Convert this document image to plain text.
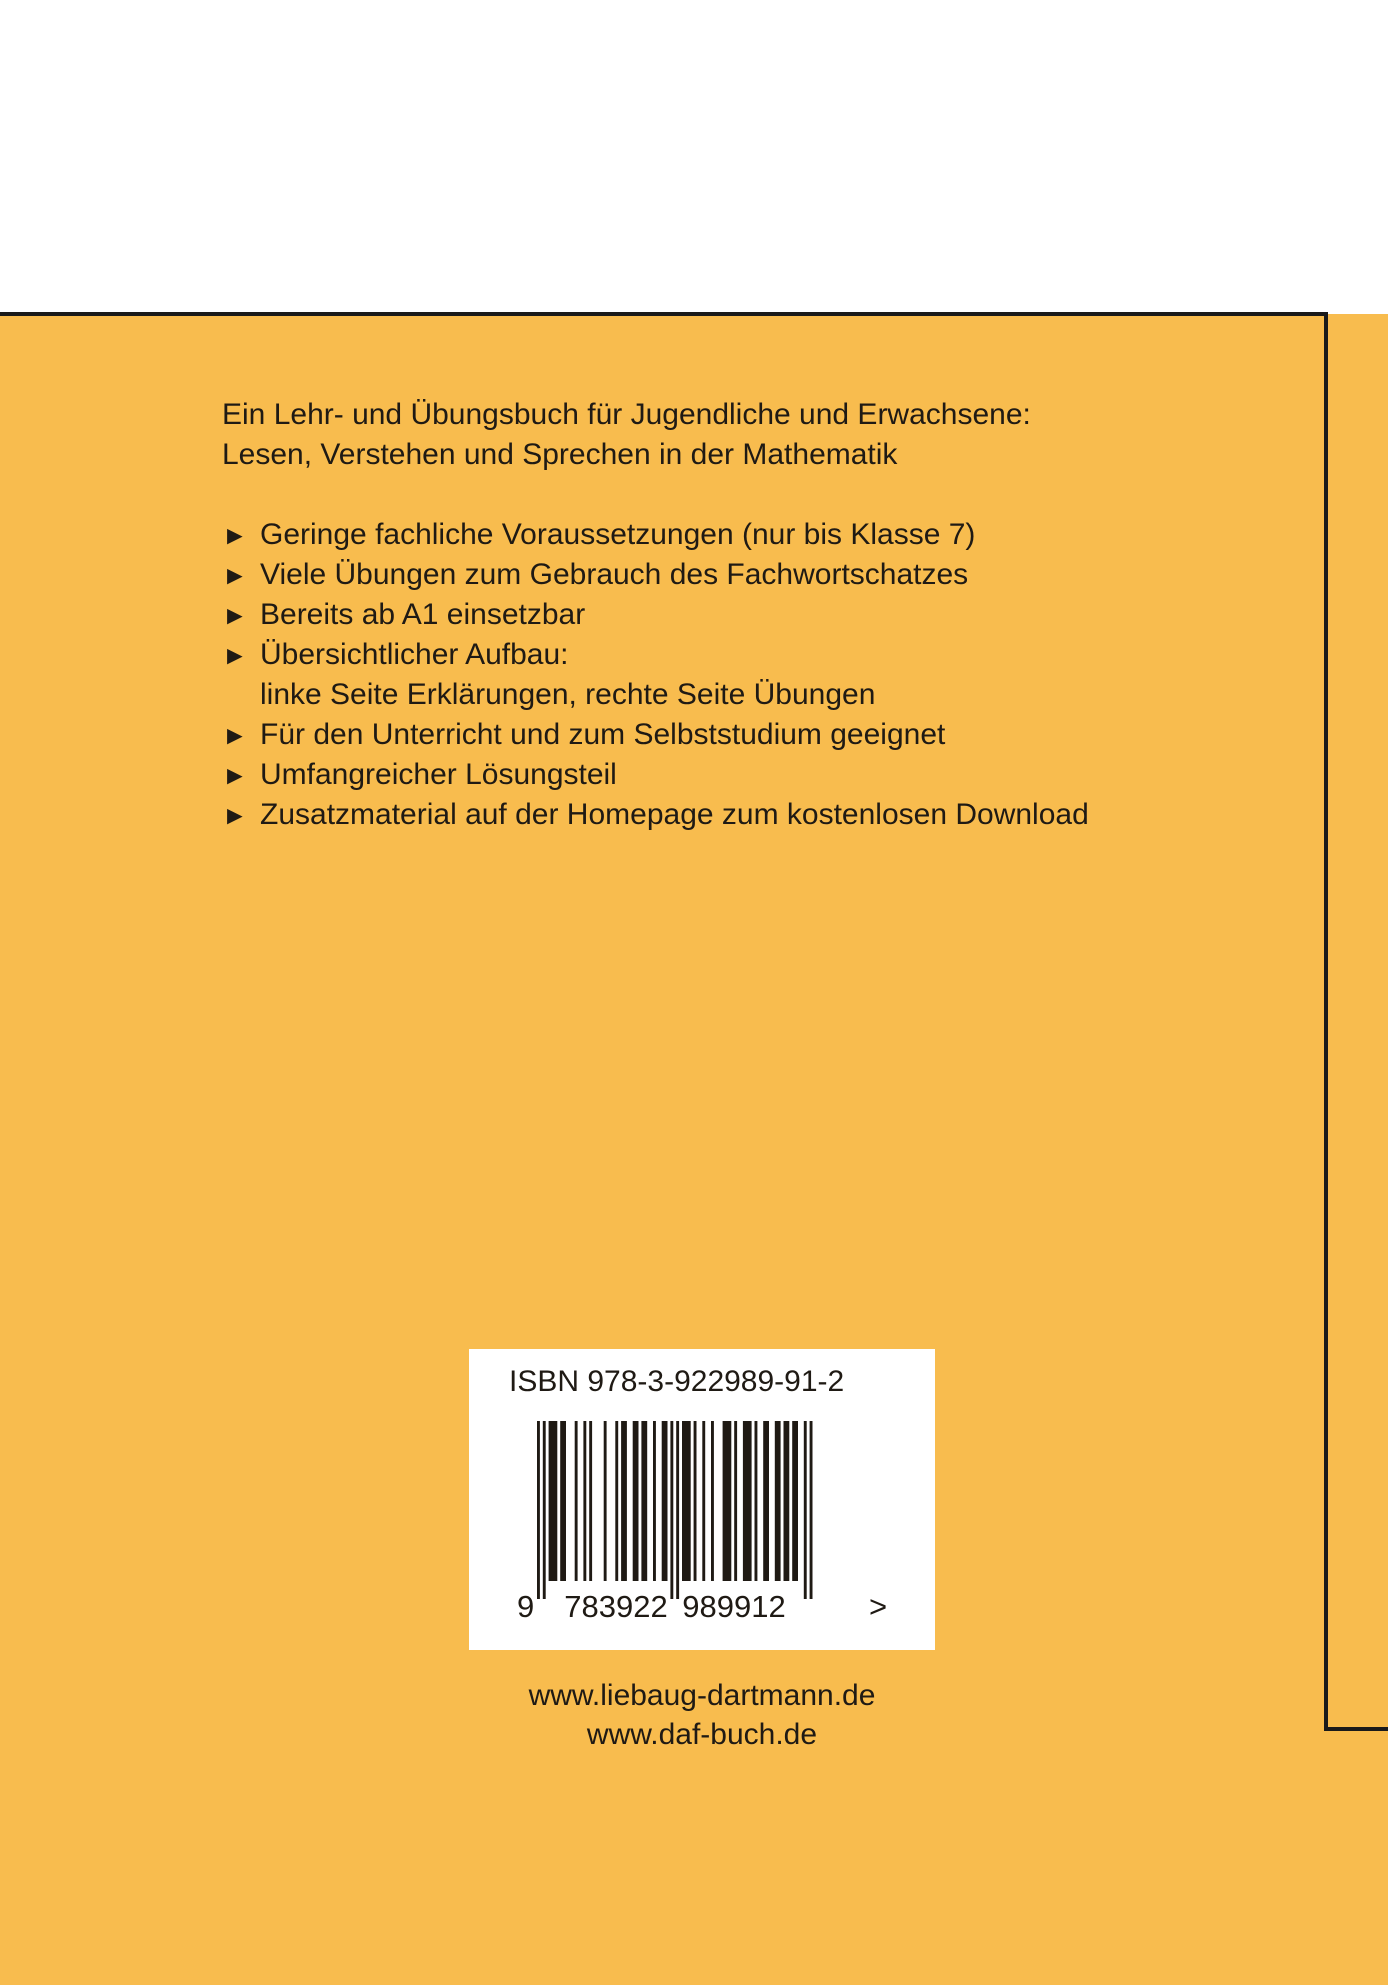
Ein Lehr- und Übungsbuch für Jugendliche und Erwachsene:

Lesen, Verstehen und Sprechen in der Mathematik

► Geringe fachliche Voraussetzungen (nur bis Klasse 7)
► Viele Übungen zum Gebrauch des Fachwortschatzes
► Bereits ab A1 einsetzbar
► Übersichtlicher Aufbau:
linke Seite Erklärungen, rechte Seite Übungen
► Für den Unterricht und zum Selbststudium geeignet
► Umfangreicher Lösungsteil
► Zusatzmaterial auf der Homepage zum kostenlosen Download
ISBN 978-3-922989-91-2
9 783922 989912	>
www.liebaug-dartmann.de
www.daf-buch.de
